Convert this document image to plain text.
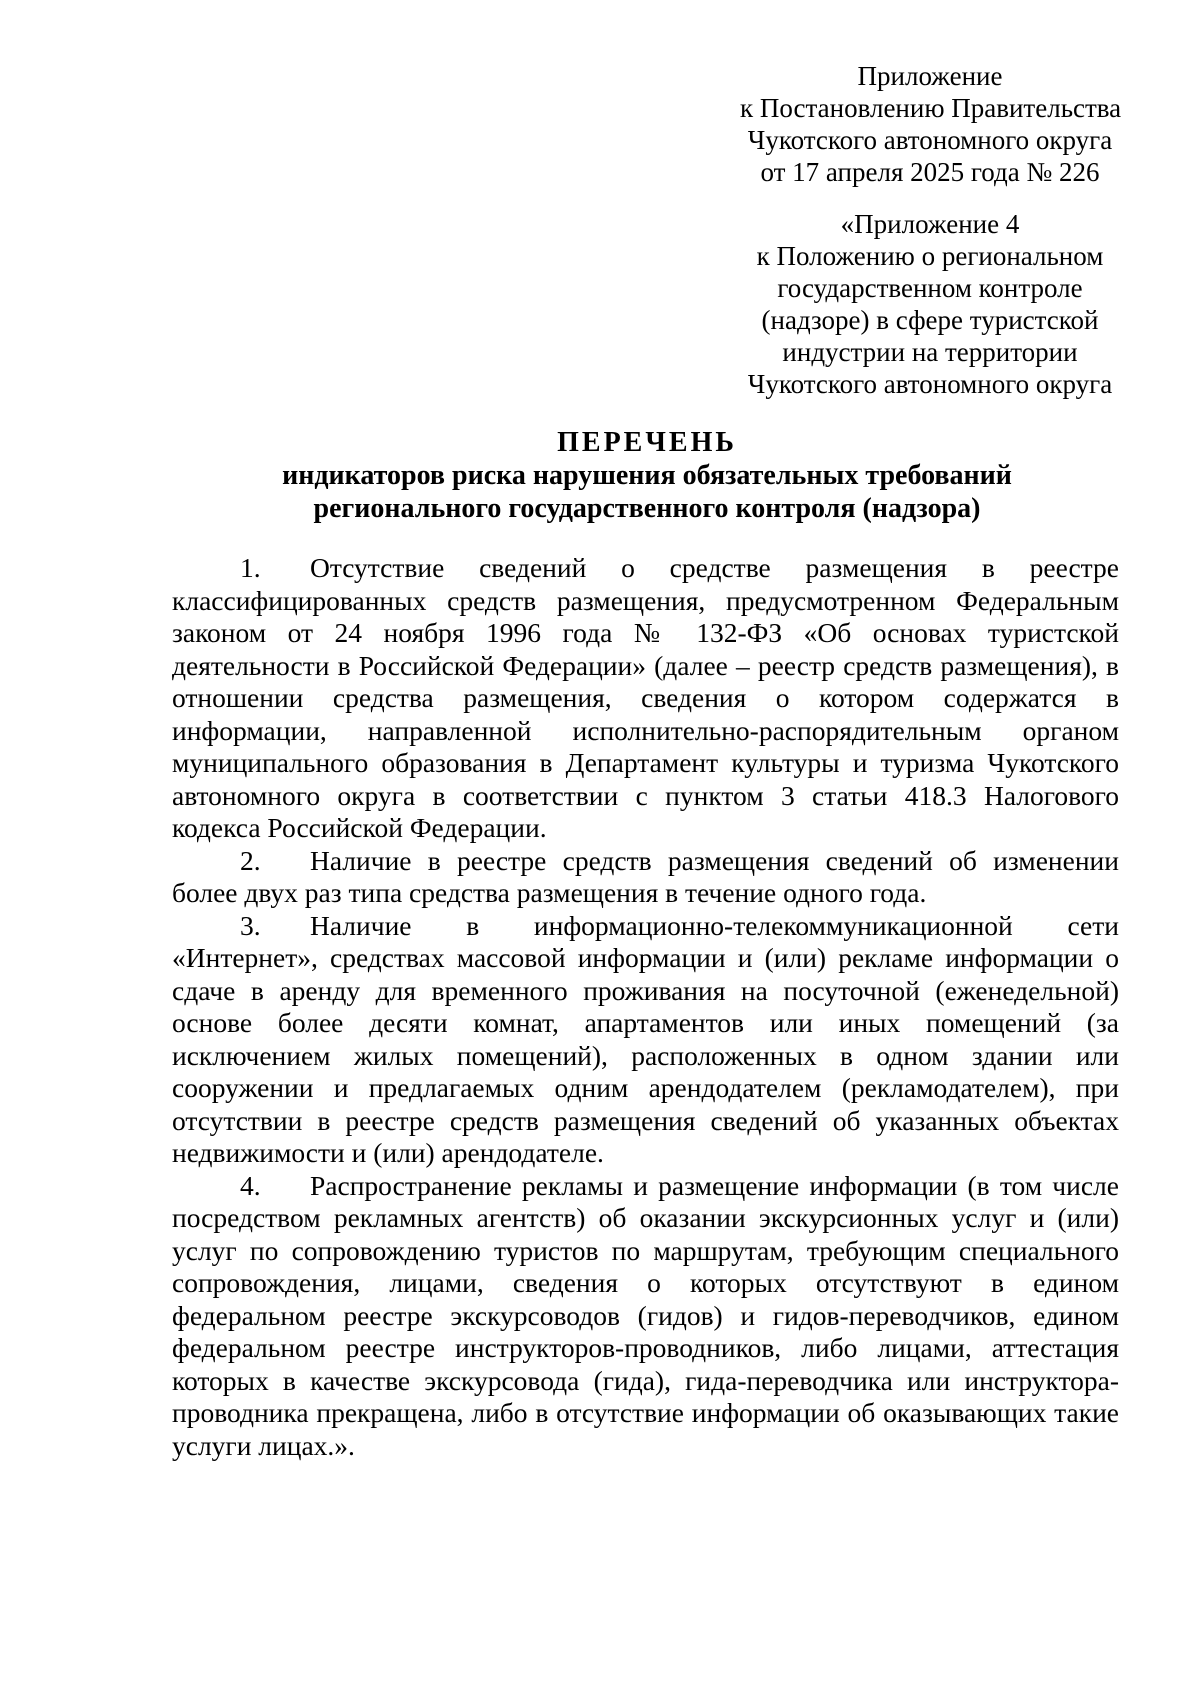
Приложение
к Постановлению Правительства
Чукотского автономного округа
от 17 апреля 2025 года № 226
«Приложение 4
к Положению о региональном
государственном контроле
(надзоре) в сфере туристской
индустрии на территории
Чукотского автономного округа
ПЕРЕЧЕНЬ
индикаторов риска нарушения обязательных требований
регионального государственного контроля (надзора)

1. Отсутствие сведений о средстве размещения в реестре классифицированных средств размещения, предусмотренном Федеральным законом от 24 ноября 1996 года № 132-ФЗ «Об основах туристской деятельности в Российской Федерации» (далее – реестр средств размещения), в отношении средства размещения, сведения о котором содержатся в информации, направленной исполнительно-распорядительным органом муниципального образования в Департамент культуры и туризма Чукотского автономного округа в соответствии с пунктом 3 статьи 418.3 Налогового кодекса Российской Федерации.

2. Наличие в реестре средств размещения сведений об изменении более двух раз типа средства размещения в течение одного года.

3. Наличие в информационно-телекоммуникационной сети «Интернет», средствах массовой информации и (или) рекламе информации о сдаче в аренду для временного проживания на посуточной (еженедельной) основе более десяти комнат, апартаментов или иных помещений (за исключением жилых помещений), расположенных в одном здании или сооружении и предлагаемых одним арендодателем (рекламодателем), при отсутствии в реестре средств размещения сведений об указанных объектах недвижимости и (или) арендодателе.

4. Распространение рекламы и размещение информации (в том числе посредством рекламных агентств) об оказании экскурсионных услуг и (или) услуг по сопровождению туристов по маршрутам, требующим специального сопровождения, лицами, сведения о которых отсутствуют в едином федеральном реестре экскурсоводов (гидов) и гидов-переводчиков, едином федеральном реестре инструкторов-проводников, либо лицами, аттестация которых в качестве экскурсовода (гида), гида-переводчика или инструктора-проводника прекращена, либо в отсутствие информации об оказывающих такие услуги лицах.».
